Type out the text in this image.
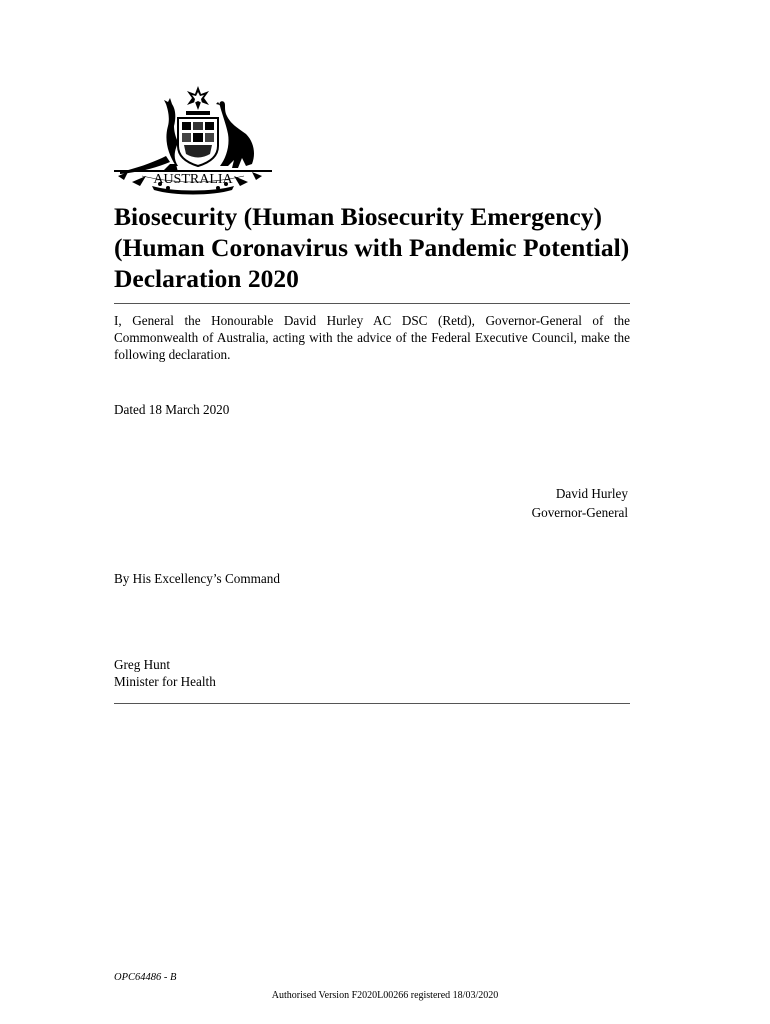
AUSTRALIA
Biosecurity (Human Biosecurity Emergency)
(Human Coronavirus with Pandemic Potential)
Declaration 2020

I, General the Honourable David Hurley AC DSC (Retd), Governor-General of the Commonwealth of Australia, acting with the advice of the Federal Executive Council, make the following declaration.

Dated 18 March 2020

David Hurley
Governor-General

By His Excellency’s Command

Greg Hunt
Minister for Health

OPC64486 - B

Authorised Version F2020L00266 registered 18/03/2020
